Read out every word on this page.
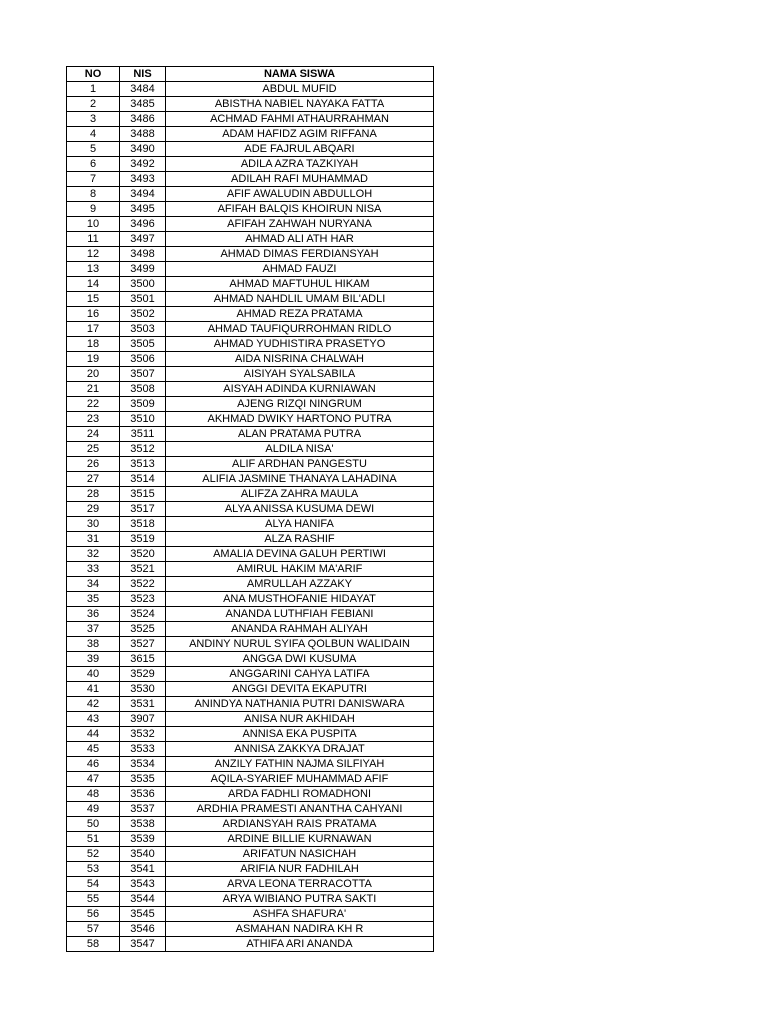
NO	NIS	NAMA SISWA
1	3484	ABDUL MUFID
2	3485	ABISTHA NABIEL NAYAKA FATTA
3	3486	ACHMAD FAHMI ATHAURRAHMAN
4	3488	ADAM HAFIDZ AGIM RIFFANA
5	3490	ADE FAJRUL ABQARI
6	3492	ADILA AZRA TAZKIYAH
7	3493	ADILAH RAFI MUHAMMAD
8	3494	AFIF AWALUDIN ABDULLOH
9	3495	AFIFAH BALQIS KHOIRUN NISA
10	3496	AFIFAH ZAHWAH NURYANA
11	3497	AHMAD ALI ATH HAR
12	3498	AHMAD DIMAS FERDIANSYAH
13	3499	AHMAD FAUZI
14	3500	AHMAD MAFTUHUL HIKAM
15	3501	AHMAD NAHDLIL UMAM BIL'ADLI
16	3502	AHMAD REZA PRATAMA
17	3503	AHMAD TAUFIQURROHMAN RIDLO
18	3505	AHMAD YUDHISTIRA PRASETYO
19	3506	AIDA NISRINA CHALWAH
20	3507	AISIYAH SYALSABILA
21	3508	AISYAH ADINDA KURNIAWAN
22	3509	AJENG RIZQI NINGRUM
23	3510	AKHMAD DWIKY HARTONO PUTRA
24	3511	ALAN PRATAMA PUTRA
25	3512	ALDILA NISA'
26	3513	ALIF ARDHAN PANGESTU
27	3514	ALIFIA JASMINE THANAYA LAHADINA
28	3515	ALIFZA ZAHRA MAULA
29	3517	ALYA ANISSA KUSUMA DEWI
30	3518	ALYA HANIFA
31	3519	ALZA RASHIF
32	3520	AMALIA DEVINA GALUH PERTIWI
33	3521	AMIRUL HAKIM MA'ARIF
34	3522	AMRULLAH AZZAKY
35	3523	ANA MUSTHOFANIE HIDAYAT
36	3524	ANANDA LUTHFIAH FEBIANI
37	3525	ANANDA RAHMAH ALIYAH
38	3527	ANDINY NURUL SYIFA QOLBUN WALIDAIN
39	3615	ANGGA DWI KUSUMA
40	3529	ANGGARINI CAHYA LATIFA
41	3530	ANGGI DEVITA EKAPUTRI
42	3531	ANINDYA NATHANIA PUTRI DANISWARA
43	3907	ANISA NUR AKHIDAH
44	3532	ANNISA EKA PUSPITA
45	3533	ANNISA ZAKKYA DRAJAT
46	3534	ANZILY FATHIN NAJMA SILFIYAH
47	3535	AQILA-SYARIEF MUHAMMAD AFIF
48	3536	ARDA FADHLI ROMADHONI
49	3537	ARDHIA PRAMESTI ANANTHA CAHYANI
50	3538	ARDIANSYAH RAIS PRATAMA
51	3539	ARDINE BILLIE KURNAWAN
52	3540	ARIFATUN NASICHAH
53	3541	ARIFIA NUR FADHILAH
54	3543	ARVA LEONA TERRACOTTA
55	3544	ARYA WIBIANO PUTRA SAKTI
56	3545	ASHFA SHAFURA'
57	3546	ASMAHAN NADIRA KH R
58	3547	ATHIFA ARI ANANDA
